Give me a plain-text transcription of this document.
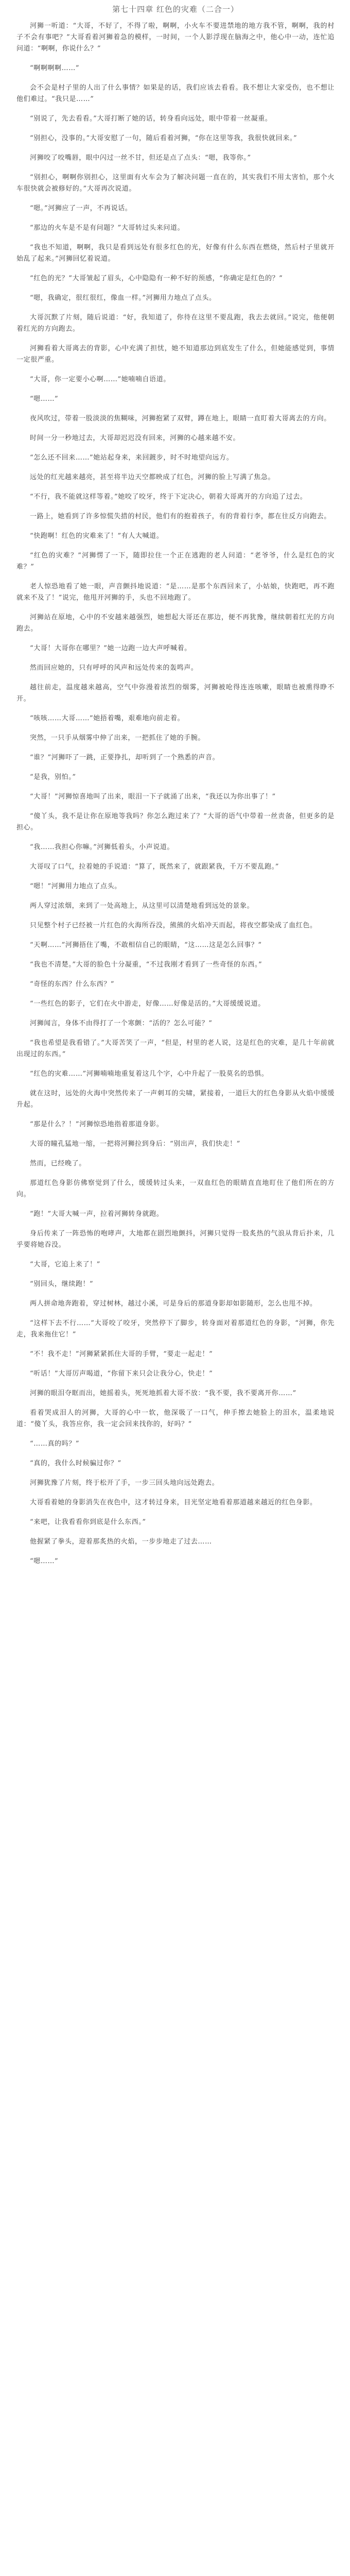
第七十四章 红色的灾难（二合一）

河狮一听道：“大哥，不好了，不得了啦，啊啊，小火车不要进禁地的地方我不管，啊啊，我的村子不会有事吧？”大哥看着河狮着急的模样，一时间，一个人影浮现在脑海之中，他心中一动，连忙追问道：“啊啊，你说什么？”

“啊啊啊啊……”

会不会是村子里的人出了什么事情？如果是的话，我们应该去看看。我不想让大家受伤，也不想让他们难过。“我只是……”

“别说了，先去看看。”大哥打断了她的话，转身看向远处，眼中带着一丝凝重。

“别担心，没事的。”大哥安慰了一句，随后看着河狮，“你在这里等我，我很快就回来。”

河狮咬了咬嘴唇，眼中闪过一丝不甘，但还是点了点头：“嗯，我等你。”

“别担心，啊啊你别担心，这里面有火车会为了解决问题一直在的，其实我们不用太害怕，那个火车很快就会被修好的。”大哥再次说道。

“嗯。”河狮应了一声，不再说话。

“那边的火车是不是有问题？”大哥转过头来问道。

“我也不知道，啊啊，我只是看到远处有很多红色的光，好像有什么东西在燃烧，然后村子里就开始乱了起来。”河狮回忆着说道。

“红色的光？”大哥皱起了眉头，心中隐隐有一种不好的预感，“你确定是红色的？”

“嗯，我确定，很红很红，像血一样。”河狮用力地点了点头。

大哥沉默了片刻，随后说道：“好，我知道了，你待在这里不要乱跑，我去去就回。”说完，他便朝着红光的方向跑去。

河狮看着大哥离去的背影，心中充满了担忧，她不知道那边到底发生了什么，但她能感觉到，事情一定很严重。

“大哥，你一定要小心啊……”她喃喃自语道。

“嗯……”

夜风吹过，带着一股淡淡的焦糊味，河狮抱紧了双臂，蹲在地上，眼睛一直盯着大哥离去的方向。

时间一分一秒地过去，大哥却迟迟没有回来，河狮的心越来越不安。

“怎么还不回来……”她站起身来，来回踱步，时不时地望向远方。

远处的红光越来越亮，甚至将半边天空都映成了红色，河狮的脸上写满了焦急。

“不行，我不能就这样等着。”她咬了咬牙，终于下定决心，朝着大哥离开的方向追了过去。

一路上，她看到了许多惊慌失措的村民，他们有的抱着孩子，有的背着行李，都在往反方向跑去。

“快跑啊！红色的灾难来了！”有人大喊道。

“红色的灾难？”河狮愣了一下，随即拉住一个正在逃跑的老人问道：“老爷爷，什么是红色的灾难？”

老人惊恐地看了她一眼，声音颤抖地说道：“是……是那个东西回来了，小姑娘，快跑吧，再不跑就来不及了！”说完，他甩开河狮的手，头也不回地跑了。

河狮站在原地，心中的不安越来越强烈，她想起大哥还在那边，便不再犹豫，继续朝着红光的方向跑去。

“大哥！大哥你在哪里？”她一边跑一边大声呼喊着。

然而回应她的，只有呼呼的风声和远处传来的轰鸣声。

越往前走，温度越来越高，空气中弥漫着浓烈的烟雾，河狮被呛得连连咳嗽，眼睛也被熏得睁不开。

“咳咳……大哥……”她捂着嘴，艰难地向前走着。

突然，一只手从烟雾中伸了出来，一把抓住了她的手腕。

“谁？”河狮吓了一跳，正要挣扎，却听到了一个熟悉的声音。

“是我，别怕。”

“大哥！”河狮惊喜地叫了出来，眼泪一下子就涌了出来，“我还以为你出事了！”

“傻丫头，我不是让你在原地等我吗？你怎么跑过来了？”大哥的语气中带着一丝责备，但更多的是担心。

“我……我担心你嘛。”河狮低着头，小声说道。

大哥叹了口气，拉着她的手说道：“算了，既然来了，就跟紧我，千万不要乱跑。”

“嗯！”河狮用力地点了点头。

两人穿过浓烟，来到了一处高地上，从这里可以清楚地看到远处的景象。

只见整个村子已经被一片红色的火海所吞没，熊熊的火焰冲天而起，将夜空都染成了血红色。

“天啊……”河狮捂住了嘴，不敢相信自己的眼睛，“这……这是怎么回事？”

“我也不清楚。”大哥的脸色十分凝重，“不过我刚才看到了一些奇怪的东西。”

“奇怪的东西？什么东西？”

“一些红色的影子，它们在火中游走，好像……好像是活的。”大哥缓缓说道。

河狮闻言，身体不由得打了一个寒颤：“活的？怎么可能？”

“我也希望是我看错了。”大哥苦笑了一声，“但是，村里的老人说，这是红色的灾难，是几十年前就出现过的东西。”

“红色的灾难……”河狮喃喃地重复着这几个字，心中升起了一股莫名的恐惧。

就在这时，远处的火海中突然传来了一声刺耳的尖啸，紧接着，一道巨大的红色身影从火焰中缓缓升起。

“那是什么？！”河狮惊恐地指着那道身影。

大哥的瞳孔猛地一缩，一把将河狮拉到身后：“别出声，我们快走！”

然而，已经晚了。

那道红色身影仿佛察觉到了什么，缓缓转过头来，一双血红色的眼睛直直地盯住了他们所在的方向。

“跑！”大哥大喊一声，拉着河狮转身就跑。

身后传来了一阵恐怖的咆哮声，大地都在剧烈地颤抖，河狮只觉得一股炙热的气浪从背后扑来，几乎要将她吞没。

“大哥，它追上来了！”

“别回头，继续跑！”

两人拼命地奔跑着，穿过树林，越过小溪，可是身后的那道身影却如影随形，怎么也甩不掉。

“这样下去不行……”大哥咬了咬牙，突然停下了脚步，转身面对着那道红色的身影，“河狮，你先走，我来拖住它！”

“不！我不走！”河狮紧紧抓住大哥的手臂，“要走一起走！”

“听话！”大哥厉声喝道，“你留下来只会让我分心，快走！”

河狮的眼泪夺眶而出，她摇着头，死死地抓着大哥不放：“我不要，我不要离开你……”

看着哭成泪人的河狮，大哥的心中一软，他深吸了一口气，伸手擦去她脸上的泪水，温柔地说道：“傻丫头，我答应你，我一定会回来找你的，好吗？”

“……真的吗？”

“真的，我什么时候骗过你？”

河狮犹豫了片刻，终于松开了手，一步三回头地向远处跑去。

大哥看着她的身影消失在夜色中，这才转过身来，目光坚定地看着那道越来越近的红色身影。

“来吧，让我看看你到底是什么东西。”

他握紧了拳头，迎着那炙热的火焰，一步步地走了过去……

“嗯……”
